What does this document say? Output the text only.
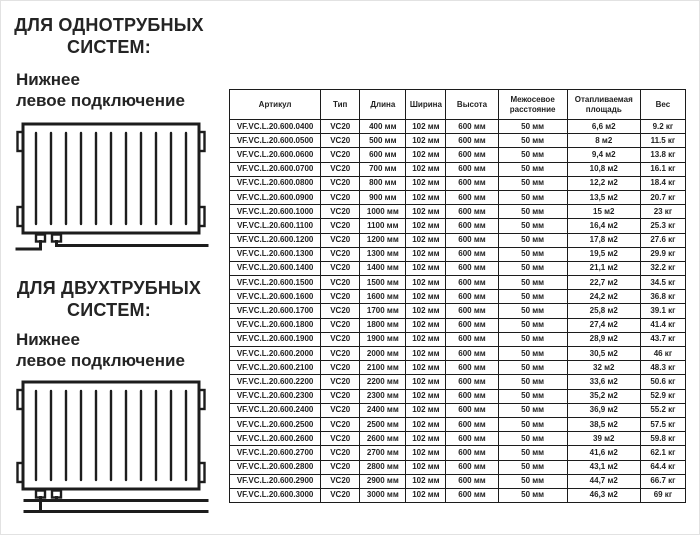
ДЛЯ ОДНОТРУБНЫХ
СИСТЕМ:

Нижнее
левое подключение

ДЛЯ ДВУХТРУБНЫХ
СИСТЕМ:

Нижнее
левое подключение

Артикул	Тип	Длина	Ширина	Высота	Межосевое расстояние	Отапливаемая площадь	Вес
VF.VC.L.20.600.0400	VC20	400 мм	102 мм	600 мм	50 мм	6,6 м2	9.2 кг
VF.VC.L.20.600.0500	VC20	500 мм	102 мм	600 мм	50 мм	8 м2	11.5 кг
VF.VC.L.20.600.0600	VC20	600 мм	102 мм	600 мм	50 мм	9,4 м2	13.8 кг
VF.VC.L.20.600.0700	VC20	700 мм	102 мм	600 мм	50 мм	10,8 м2	16.1 кг
VF.VC.L.20.600.0800	VC20	800 мм	102 мм	600 мм	50 мм	12,2 м2	18.4 кг
VF.VC.L.20.600.0900	VC20	900 мм	102 мм	600 мм	50 мм	13,5 м2	20.7 кг
VF.VC.L.20.600.1000	VC20	1000 мм	102 мм	600 мм	50 мм	15 м2	23 кг
VF.VC.L.20.600.1100	VC20	1100 мм	102 мм	600 мм	50 мм	16,4 м2	25.3 кг
VF.VC.L.20.600.1200	VC20	1200 мм	102 мм	600 мм	50 мм	17,8 м2	27.6 кг
VF.VC.L.20.600.1300	VC20	1300 мм	102 мм	600 мм	50 мм	19,5 м2	29.9 кг
VF.VC.L.20.600.1400	VC20	1400 мм	102 мм	600 мм	50 мм	21,1 м2	32.2 кг
VF.VC.L.20.600.1500	VC20	1500 мм	102 мм	600 мм	50 мм	22,7 м2	34.5 кг
VF.VC.L.20.600.1600	VC20	1600 мм	102 мм	600 мм	50 мм	24,2 м2	36.8 кг
VF.VC.L.20.600.1700	VC20	1700 мм	102 мм	600 мм	50 мм	25,8 м2	39.1 кг
VF.VC.L.20.600.1800	VC20	1800 мм	102 мм	600 мм	50 мм	27,4 м2	41.4 кг
VF.VC.L.20.600.1900	VC20	1900 мм	102 мм	600 мм	50 мм	28,9 м2	43.7 кг
VF.VC.L.20.600.2000	VC20	2000 мм	102 мм	600 мм	50 мм	30,5 м2	46 кг
VF.VC.L.20.600.2100	VC20	2100 мм	102 мм	600 мм	50 мм	32 м2	48.3 кг
VF.VC.L.20.600.2200	VC20	2200 мм	102 мм	600 мм	50 мм	33,6 м2	50.6 кг
VF.VC.L.20.600.2300	VC20	2300 мм	102 мм	600 мм	50 мм	35,2 м2	52.9 кг
VF.VC.L.20.600.2400	VC20	2400 мм	102 мм	600 мм	50 мм	36,9 м2	55.2 кг
VF.VC.L.20.600.2500	VC20	2500 мм	102 мм	600 мм	50 мм	38,5 м2	57.5 кг
VF.VC.L.20.600.2600	VC20	2600 мм	102 мм	600 мм	50 мм	39 м2	59.8 кг
VF.VC.L.20.600.2700	VC20	2700 мм	102 мм	600 мм	50 мм	41,6 м2	62.1 кг
VF.VC.L.20.600.2800	VC20	2800 мм	102 мм	600 мм	50 мм	43,1 м2	64.4 кг
VF.VC.L.20.600.2900	VC20	2900 мм	102 мм	600 мм	50 мм	44,7 м2	66.7 кг
VF.VC.L.20.600.3000	VC20	3000 мм	102 мм	600 мм	50 мм	46,3 м2	69 кг
